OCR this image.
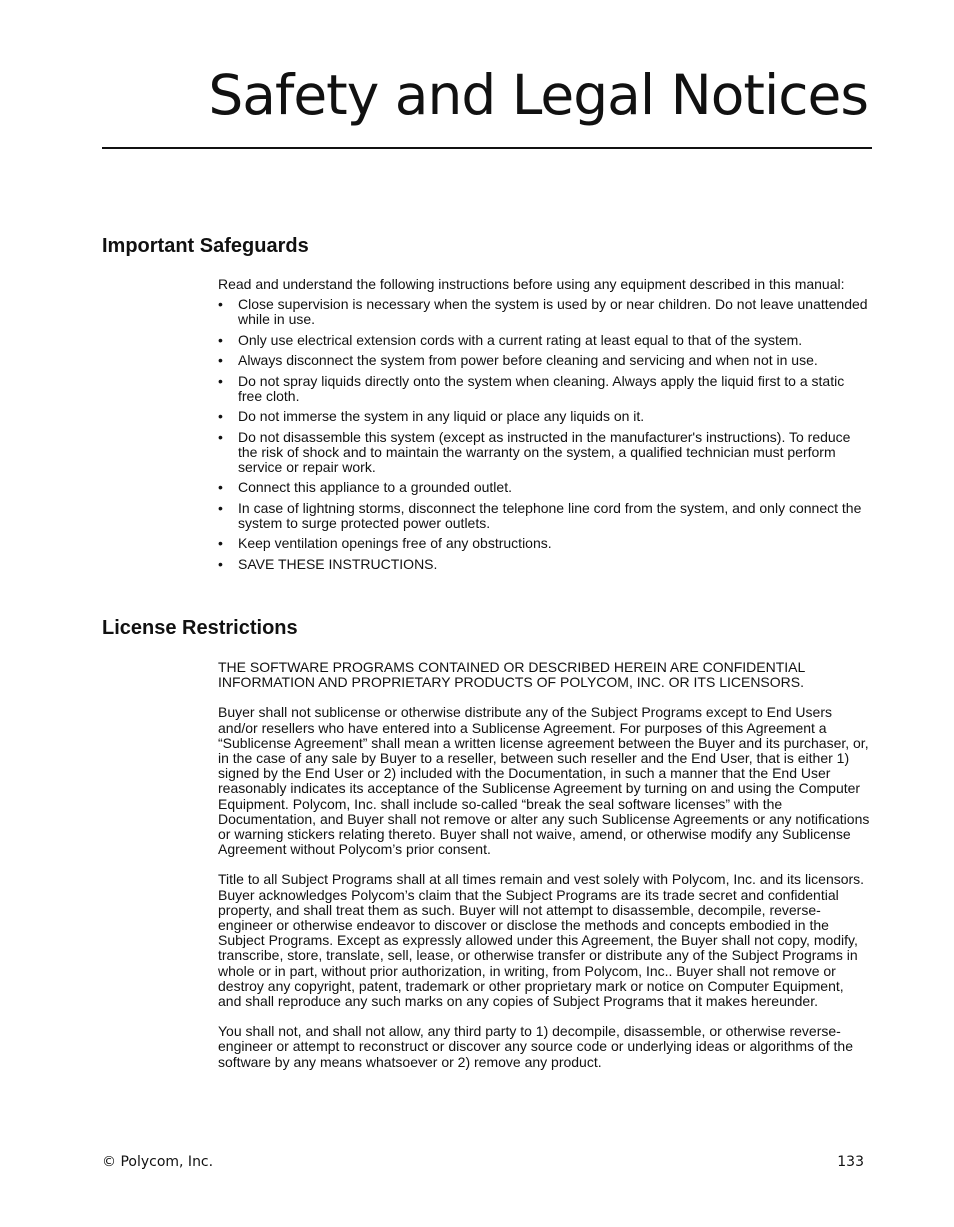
Safety and Legal Notices
Important Safeguards

Read and understand the following instructions before using any equipment described in this manual:

• Close supervision is necessary when the system is used by or near children. Do not leave unattended while in use.
• Only use electrical extension cords with a current rating at least equal to that of the system.
• Always disconnect the system from power before cleaning and servicing and when not in use.
• Do not spray liquids directly onto the system when cleaning. Always apply the liquid first to a static free cloth.
• Do not immerse the system in any liquid or place any liquids on it.
• Do not disassemble this system (except as instructed in the manufacturer's instructions). To reduce the risk of shock and to maintain the warranty on the system, a qualified technician must perform service or repair work.
• Connect this appliance to a grounded outlet.
• In case of lightning storms, disconnect the telephone line cord from the system, and only connect the system to surge protected power outlets.
• Keep ventilation openings free of any obstructions.
• SAVE THESE INSTRUCTIONS.
License Restrictions

THE SOFTWARE PROGRAMS CONTAINED OR DESCRIBED HEREIN ARE CONFIDENTIAL INFORMATION AND PROPRIETARY PRODUCTS OF POLYCOM, INC. OR ITS LICENSORS.

Buyer shall not sublicense or otherwise distribute any of the Subject Programs except to End Users and/or resellers who have entered into a Sublicense Agreement. For purposes of this Agreement a “Sublicense Agreement” shall mean a written license agreement between the Buyer and its purchaser, or, in the case of any sale by Buyer to a reseller, between such reseller and the End User, that is either 1) signed by the End User or 2) included with the Documentation, in such a manner that the End User reasonably indicates its acceptance of the Sublicense Agreement by turning on and using the Computer Equipment. Polycom, Inc. shall include so-called “break the seal software licenses” with the Documentation, and Buyer shall not remove or alter any such Sublicense Agreements or any notifications or warning stickers relating thereto. Buyer shall not waive, amend, or otherwise modify any Sublicense Agreement without Polycom’s prior consent.

Title to all Subject Programs shall at all times remain and vest solely with Polycom, Inc. and its licensors. Buyer acknowledges Polycom’s claim that the Subject Programs are its trade secret and confidential property, and shall treat them as such. Buyer will not attempt to disassemble, decompile, reverse-engineer or otherwise endeavor to discover or disclose the methods and concepts embodied in the Subject Programs. Except as expressly allowed under this Agreement, the Buyer shall not copy, modify, transcribe, store, translate, sell, lease, or otherwise transfer or distribute any of the Subject Programs in whole or in part, without prior authorization, in writing, from Polycom, Inc.. Buyer shall not remove or destroy any copyright, patent, trademark or other proprietary mark or notice on Computer Equipment, and shall reproduce any such marks on any copies of Subject Programs that it makes hereunder.

You shall not, and shall not allow, any third party to 1) decompile, disassemble, or otherwise reverse-engineer or attempt to reconstruct or discover any source code or underlying ideas or algorithms of the software by any means whatsoever or 2) remove any product.

© Polycom, Inc.	133
